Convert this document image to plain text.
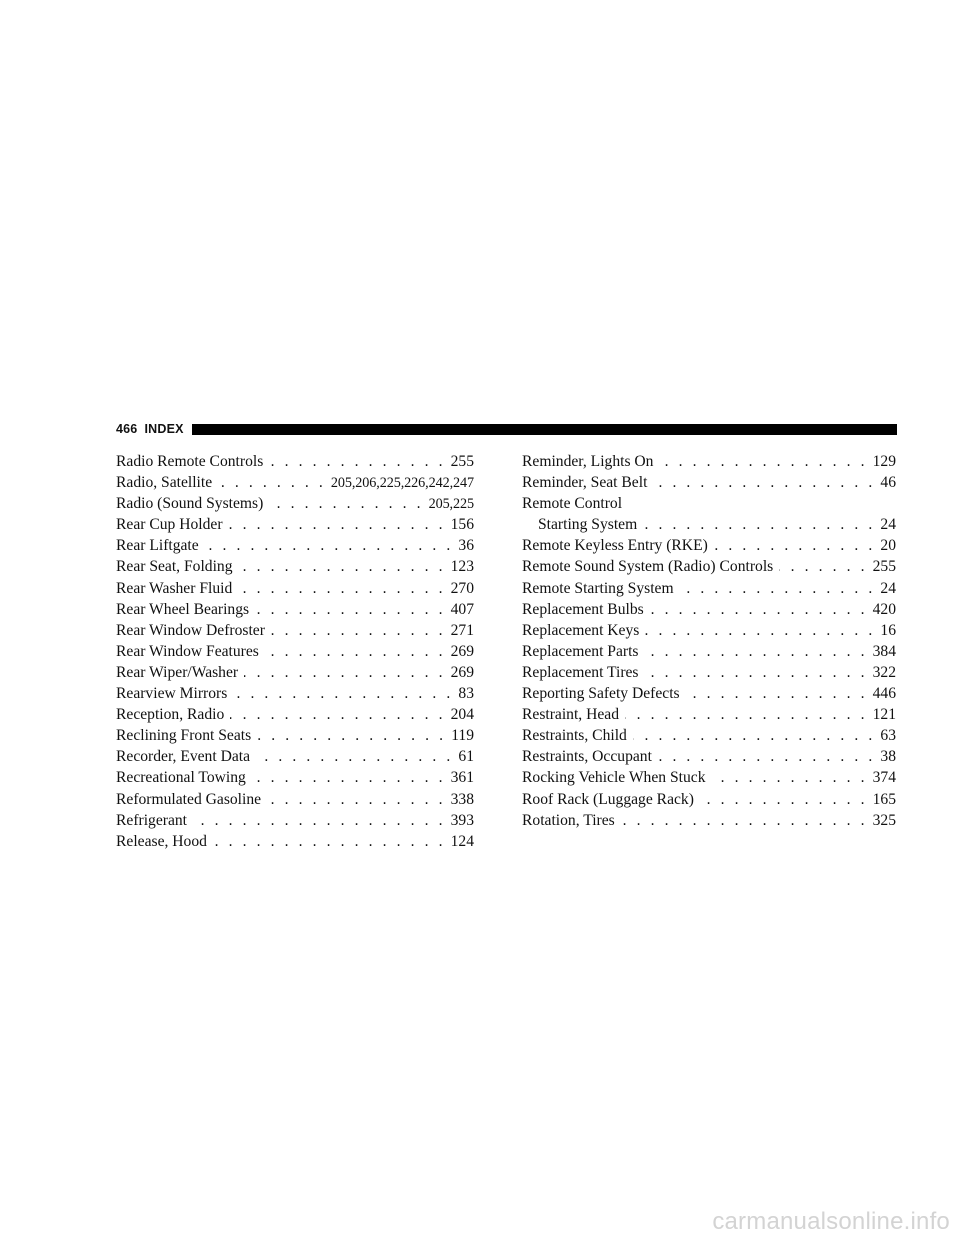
466 INDEX
Radio Remote Controls . . .	255
Radio, Satellite . . .	205,206,225,226,242,247
Radio (Sound Systems) . . .	205,225
Rear Cup Holder . . .	156
Rear Liftgate . . .	36
Rear Seat, Folding . . .	123
Rear Washer Fluid . . .	270
Rear Wheel Bearings . . .	407
Rear Window Defroster . . .	271
Rear Window Features . . .	269
Rear Wiper/Washer . . .	269
Rearview Mirrors . . .	83
Reception, Radio . . .	204
Reclining Front Seats . . .	119
Recorder, Event Data . . .	61
Recreational Towing . . .	361
Reformulated Gasoline . . .	338
Refrigerant . . .	393
Release, Hood . . .	124
Reminder, Lights On . . .	129
Reminder, Seat Belt . . .	46
Remote Control
Starting System . . .	24
Remote Keyless Entry (RKE) . . .	20
Remote Sound System (Radio) Controls . . .	255
Remote Starting System . . .	24
Replacement Bulbs . . .	420
Replacement Keys . . .	16
Replacement Parts . . .	384
Replacement Tires . . .	322
Reporting Safety Defects . . .	446
Restraint, Head . . .	121
Restraints, Child . . .	63
Restraints, Occupant . . .	38
Rocking Vehicle When Stuck . . .	374
Roof Rack (Luggage Rack) . . .	165
Rotation, Tires . . .	325
carmanualsonline.info
